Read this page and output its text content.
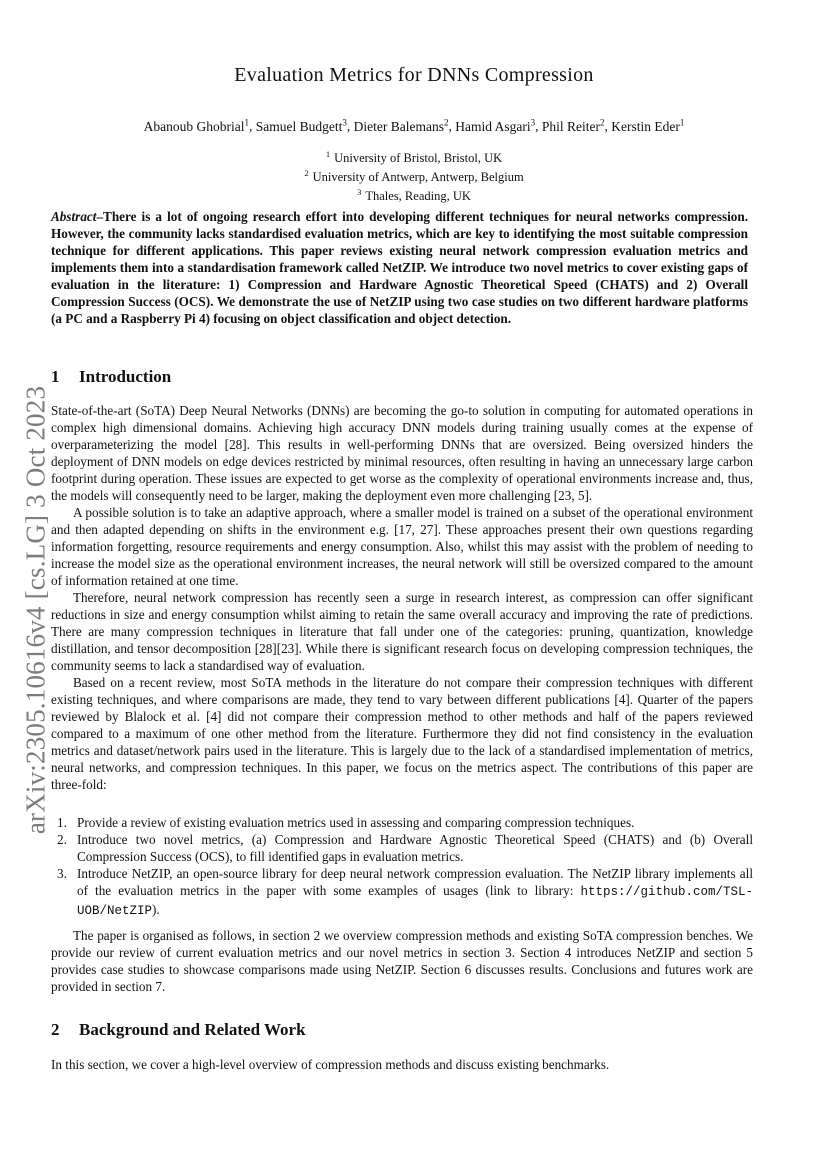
arXiv:2305.10616v4 [cs.LG] 3 Oct 2023
Evaluation Metrics for DNNs Compression
Abanoub Ghobrial$^1$, Samuel Budgett$^3$, Dieter Balemans$^2$, Hamid Asgari$^3$, Phil Reiter$^2$, Kerstin Eder$^1$
$^1$ University of Bristol, Bristol, UK
$^2$ University of Antwerp, Antwerp, Belgium
$^3$ Thales, Reading, UK
Abstract–There is a lot of ongoing research effort into developing different techniques for neural networks compression. However, the community lacks standardised evaluation metrics, which are key to identifying the most suitable compression technique for different applications. This paper reviews existing neural network compression evaluation metrics and implements them into a standardisation framework called NetZIP. We introduce two novel metrics to cover existing gaps of evaluation in the literature: 1) Compression and Hardware Agnostic Theoretical Speed (CHATS) and 2) Overall Compression Success (OCS). We demonstrate the use of NetZIP using two case studies on two different hardware platforms (a PC and a Raspberry Pi 4) focusing on object classification and object detection.
1 Introduction

State-of-the-art (SoTA) Deep Neural Networks (DNNs) are becoming the go-to solution in computing for automated operations in complex high dimensional domains. Achieving high accuracy DNN models during training usually comes at the expense of overparameterizing the model [28]. This results in well-performing DNNs that are oversized. Being oversized hinders the deployment of DNN models on edge devices restricted by minimal resources, often resulting in having an unnecessary large carbon footprint during operation. These issues are expected to get worse as the complexity of operational environments increase and, thus, the models will consequently need to be larger, making the deployment even more challenging [23, 5].

A possible solution is to take an adaptive approach, where a smaller model is trained on a subset of the operational environment and then adapted depending on shifts in the environment e.g. [17, 27]. These approaches present their own questions regarding information forgetting, resource requirements and energy consumption. Also, whilst this may assist with the problem of needing to increase the model size as the operational environment increases, the neural network will still be oversized compared to the amount of information retained at one time.

Therefore, neural network compression has recently seen a surge in research interest, as compression can offer significant reductions in size and energy consumption whilst aiming to retain the same overall accuracy and improving the rate of predictions. There are many compression techniques in literature that fall under one of the categories: pruning, quantization, knowledge distillation, and tensor decomposition [28][23]. While there is significant research focus on developing compression techniques, the community seems to lack a standardised way of evaluation.

Based on a recent review, most SoTA methods in the literature do not compare their compression techniques with different existing techniques, and where comparisons are made, they tend to vary between different publications [4]. Quarter of the papers reviewed by Blalock et al. [4] did not compare their compression method to other methods and half of the papers reviewed compared to a maximum of one other method from the literature. Furthermore they did not find consistency in the evaluation metrics and dataset/network pairs used in the literature. This is largely due to the lack of a standardised implementation of metrics, neural networks, and compression techniques. In this paper, we focus on the metrics aspect. The contributions of this paper are three-fold:

1. Provide a review of existing evaluation metrics used in assessing and comparing compression techniques.
2. Introduce two novel metrics, (a) Compression and Hardware Agnostic Theoretical Speed (CHATS) and (b) Overall Compression Success (OCS), to fill identified gaps in evaluation metrics.
3. Introduce NetZIP, an open-source library for deep neural network compression evaluation. The NetZIP library implements all of the evaluation metrics in the paper with some examples of usages (link to library: https://github.com/TSL-UOB/NetZIP).

The paper is organised as follows, in section 2 we overview compression methods and existing SoTA compression benches. We provide our review of current evaluation metrics and our novel metrics in section 3. Section 4 introduces NetZIP and section 5 provides case studies to showcase comparisons made using NetZIP. Section 6 discusses results. Conclusions and futures work are provided in section 7.

2 Background and Related Work

In this section, we cover a high-level overview of compression methods and discuss existing benchmarks.
